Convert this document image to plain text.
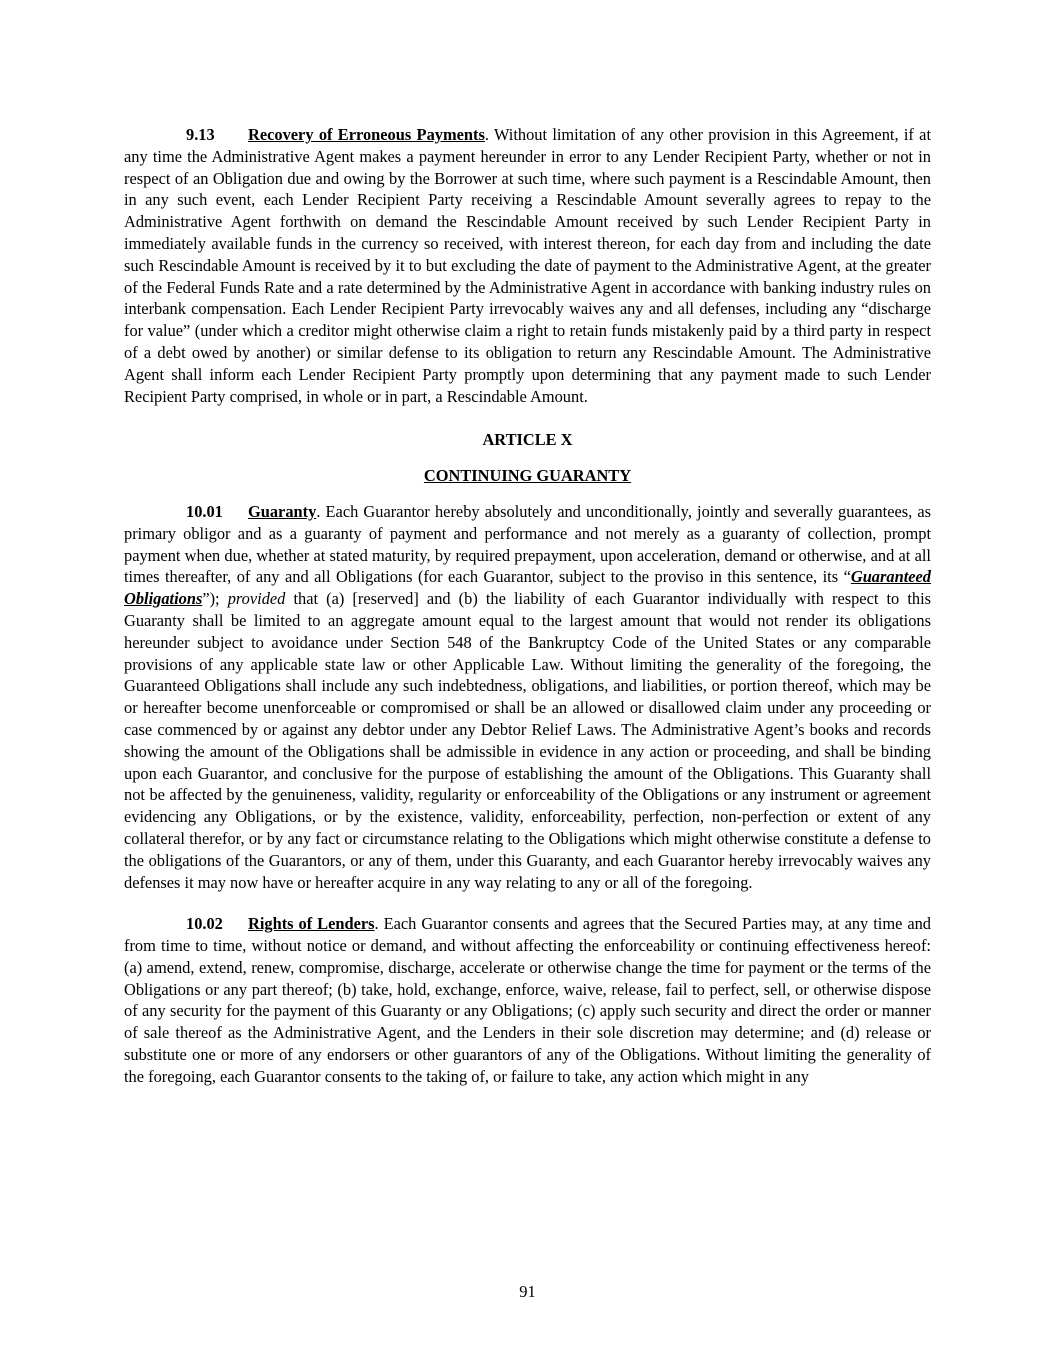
9.13 Recovery of Erroneous Payments. Without limitation of any other provision in this Agreement, if at any time the Administrative Agent makes a payment hereunder in error to any Lender Recipient Party, whether or not in respect of an Obligation due and owing by the Borrower at such time, where such payment is a Rescindable Amount, then in any such event, each Lender Recipient Party receiving a Rescindable Amount severally agrees to repay to the Administrative Agent forthwith on demand the Rescindable Amount received by such Lender Recipient Party in immediately available funds in the currency so received, with interest thereon, for each day from and including the date such Rescindable Amount is received by it to but excluding the date of payment to the Administrative Agent, at the greater of the Federal Funds Rate and a rate determined by the Administrative Agent in accordance with banking industry rules on interbank compensation. Each Lender Recipient Party irrevocably waives any and all defenses, including any “discharge for value” (under which a creditor might otherwise claim a right to retain funds mistakenly paid by a third party in respect of a debt owed by another) or similar defense to its obligation to return any Rescindable Amount. The Administrative Agent shall inform each Lender Recipient Party promptly upon determining that any payment made to such Lender Recipient Party comprised, in whole or in part, a Rescindable Amount.

ARTICLE X

CONTINUING GUARANTY

10.01 Guaranty. Each Guarantor hereby absolutely and unconditionally, jointly and severally guarantees, as primary obligor and as a guaranty of payment and performance and not merely as a guaranty of collection, prompt payment when due, whether at stated maturity, by required prepayment, upon acceleration, demand or otherwise, and at all times thereafter, of any and all Obligations (for each Guarantor, subject to the proviso in this sentence, its “Guaranteed Obligations”); provided that (a) [reserved] and (b) the liability of each Guarantor individually with respect to this Guaranty shall be limited to an aggregate amount equal to the largest amount that would not render its obligations hereunder subject to avoidance under Section 548 of the Bankruptcy Code of the United States or any comparable provisions of any applicable state law or other Applicable Law. Without limiting the generality of the foregoing, the Guaranteed Obligations shall include any such indebtedness, obligations, and liabilities, or portion thereof, which may be or hereafter become unenforceable or compromised or shall be an allowed or disallowed claim under any proceeding or case commenced by or against any debtor under any Debtor Relief Laws. The Administrative Agent’s books and records showing the amount of the Obligations shall be admissible in evidence in any action or proceeding, and shall be binding upon each Guarantor, and conclusive for the purpose of establishing the amount of the Obligations. This Guaranty shall not be affected by the genuineness, validity, regularity or enforceability of the Obligations or any instrument or agreement evidencing any Obligations, or by the existence, validity, enforceability, perfection, non-perfection or extent of any collateral therefor, or by any fact or circumstance relating to the Obligations which might otherwise constitute a defense to the obligations of the Guarantors, or any of them, under this Guaranty, and each Guarantor hereby irrevocably waives any defenses it may now have or hereafter acquire in any way relating to any or all of the foregoing.

10.02 Rights of Lenders. Each Guarantor consents and agrees that the Secured Parties may, at any time and from time to time, without notice or demand, and without affecting the enforceability or continuing effectiveness hereof: (a) amend, extend, renew, compromise, discharge, accelerate or otherwise change the time for payment or the terms of the Obligations or any part thereof; (b) take, hold, exchange, enforce, waive, release, fail to perfect, sell, or otherwise dispose of any security for the payment of this Guaranty or any Obligations; (c) apply such security and direct the order or manner of sale thereof as the Administrative Agent, and the Lenders in their sole discretion may determine; and (d) release or substitute one or more of any endorsers or other guarantors of any of the Obligations. Without limiting the generality of the foregoing, each Guarantor consents to the taking of, or failure to take, any action which might in any

91
